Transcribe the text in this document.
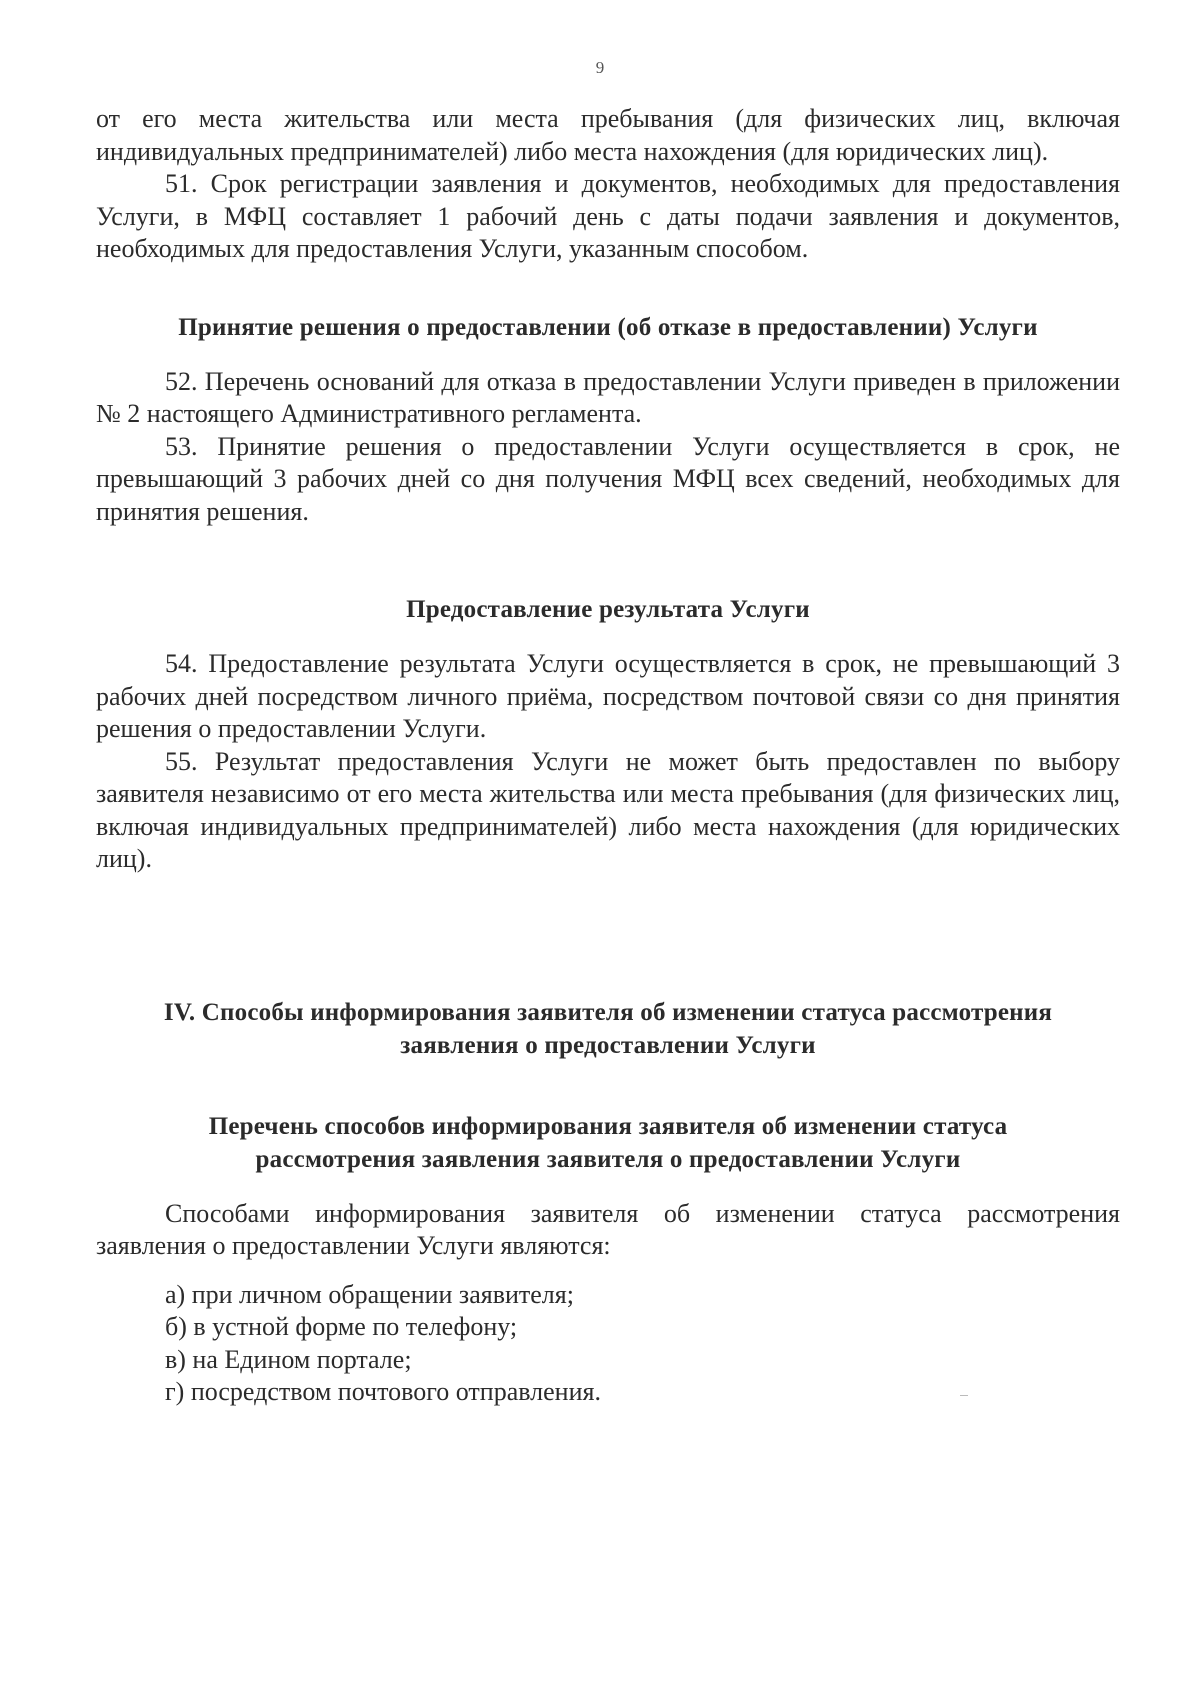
9

от его места жительства или места пребывания (для физических лиц, включая индивидуальных предпринимателей) либо места нахождения (для юридических лиц).

51. Срок регистрации заявления и документов, необходимых для предоставления Услуги, в МФЦ составляет 1 рабочий день с даты подачи заявления и документов, необходимых для предоставления Услуги, указанным способом.

Принятие решения о предоставлении (об отказе в предоставлении) Услуги

52. Перечень оснований для отказа в предоставлении Услуги приведен в приложении № 2 настоящего Административного регламента.

53. Принятие решения о предоставлении Услуги осуществляется в срок, не превышающий 3 рабочих дней со дня получения МФЦ всех сведений, необходимых для принятия решения.

Предоставление результата Услуги

54. Предоставление результата Услуги осуществляется в срок, не превышающий 3 рабочих дней посредством личного приёма, посредством почтовой связи со дня принятия решения о предоставлении Услуги.

55. Результат предоставления Услуги не может быть предоставлен по выбору заявителя независимо от его места жительства или места пребывания (для физических лиц, включая индивидуальных предпринимателей) либо места нахождения (для юридических лиц).

IV. Способы информирования заявителя об изменении статуса рассмотрения
заявления о предоставлении Услуги
Перечень способов информирования заявителя об изменении статуса
рассмотрения заявления заявителя о предоставлении Услуги

Способами информирования заявителя об изменении статуса рассмотрения заявления о предоставлении Услуги являются:

а) при личном обращении заявителя;
б) в устной форме по телефону;
в) на Едином портале;
г) посредством почтового отправления.
